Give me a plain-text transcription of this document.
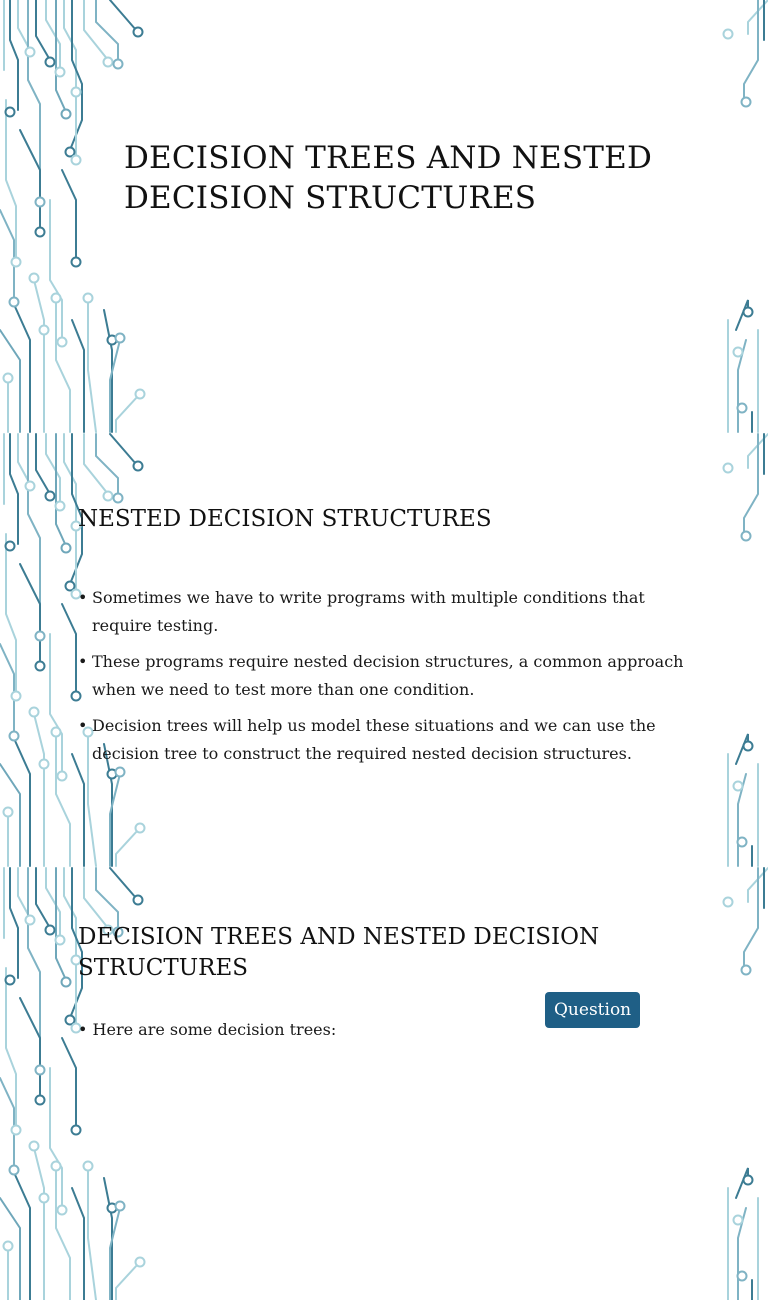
DECISION TREES AND NESTED DECISION STRUCTURES
NESTED DECISION STRUCTURES
• Sometimes we have to write programs with multiple conditions that require testing.
• These programs require nested decision structures, a common approach when we need to test more than one condition.
• Decision trees will help us model these situations and we can use the decision tree to construct the required nested decision structures.
DECISION TREES AND NESTED DECISION STRUCTURES
• Here are some decision trees:
Question
